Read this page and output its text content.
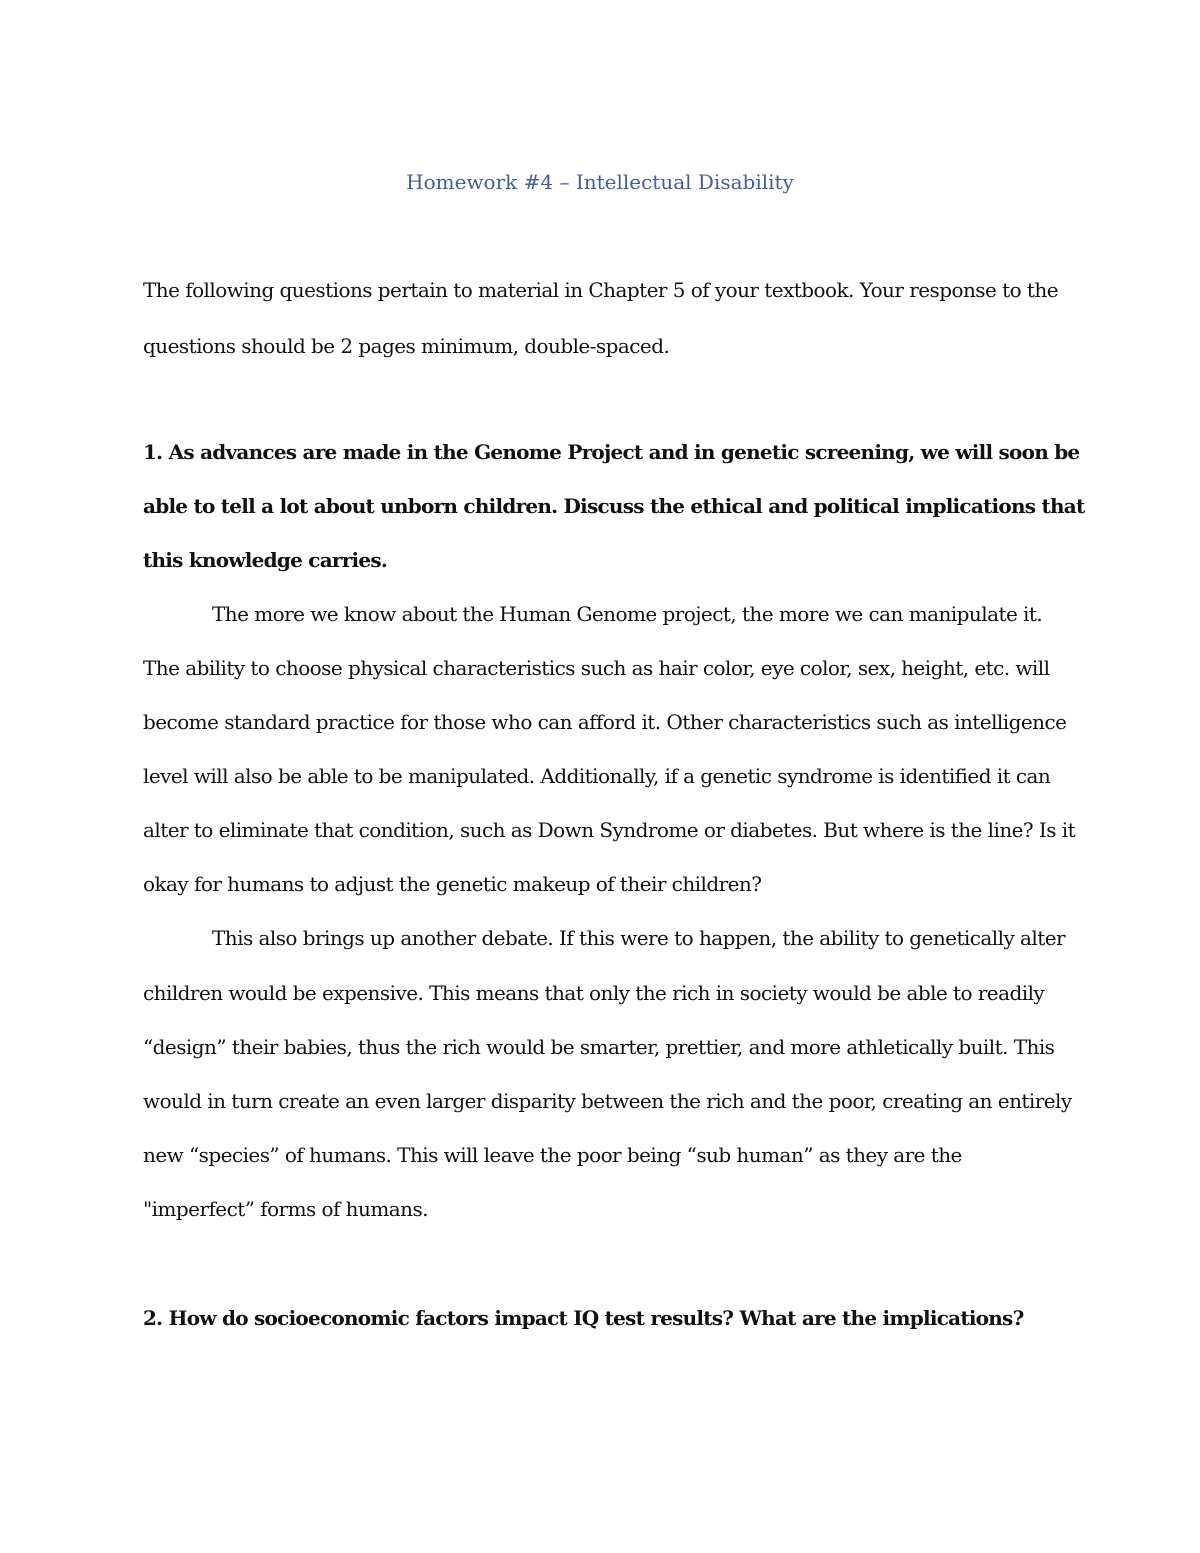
Homework #4 – Intellectual Disability
The following questions pertain to material in Chapter 5 of your textbook. Your response to the
questions should be 2 pages minimum, double-spaced.
1. As advances are made in the Genome Project and in genetic screening, we will soon be
able to tell a lot about unborn children. Discuss the ethical and political implications that
this knowledge carries.
The more we know about the Human Genome project, the more we can manipulate it.
The ability to choose physical characteristics such as hair color, eye color, sex, height, etc. will
become standard practice for those who can afford it. Other characteristics such as intelligence
level will also be able to be manipulated. Additionally, if a genetic syndrome is identified it can
alter to eliminate that condition, such as Down Syndrome or diabetes. But where is the line? Is it
okay for humans to adjust the genetic makeup of their children?
This also brings up another debate. If this were to happen, the ability to genetically alter
children would be expensive. This means that only the rich in society would be able to readily
“design” their babies, thus the rich would be smarter, prettier, and more athletically built. This
would in turn create an even larger disparity between the rich and the poor, creating an entirely
new “species” of humans. This will leave the poor being “sub human” as they are the
"imperfect” forms of humans.
2. How do socioeconomic factors impact IQ test results? What are the implications?
